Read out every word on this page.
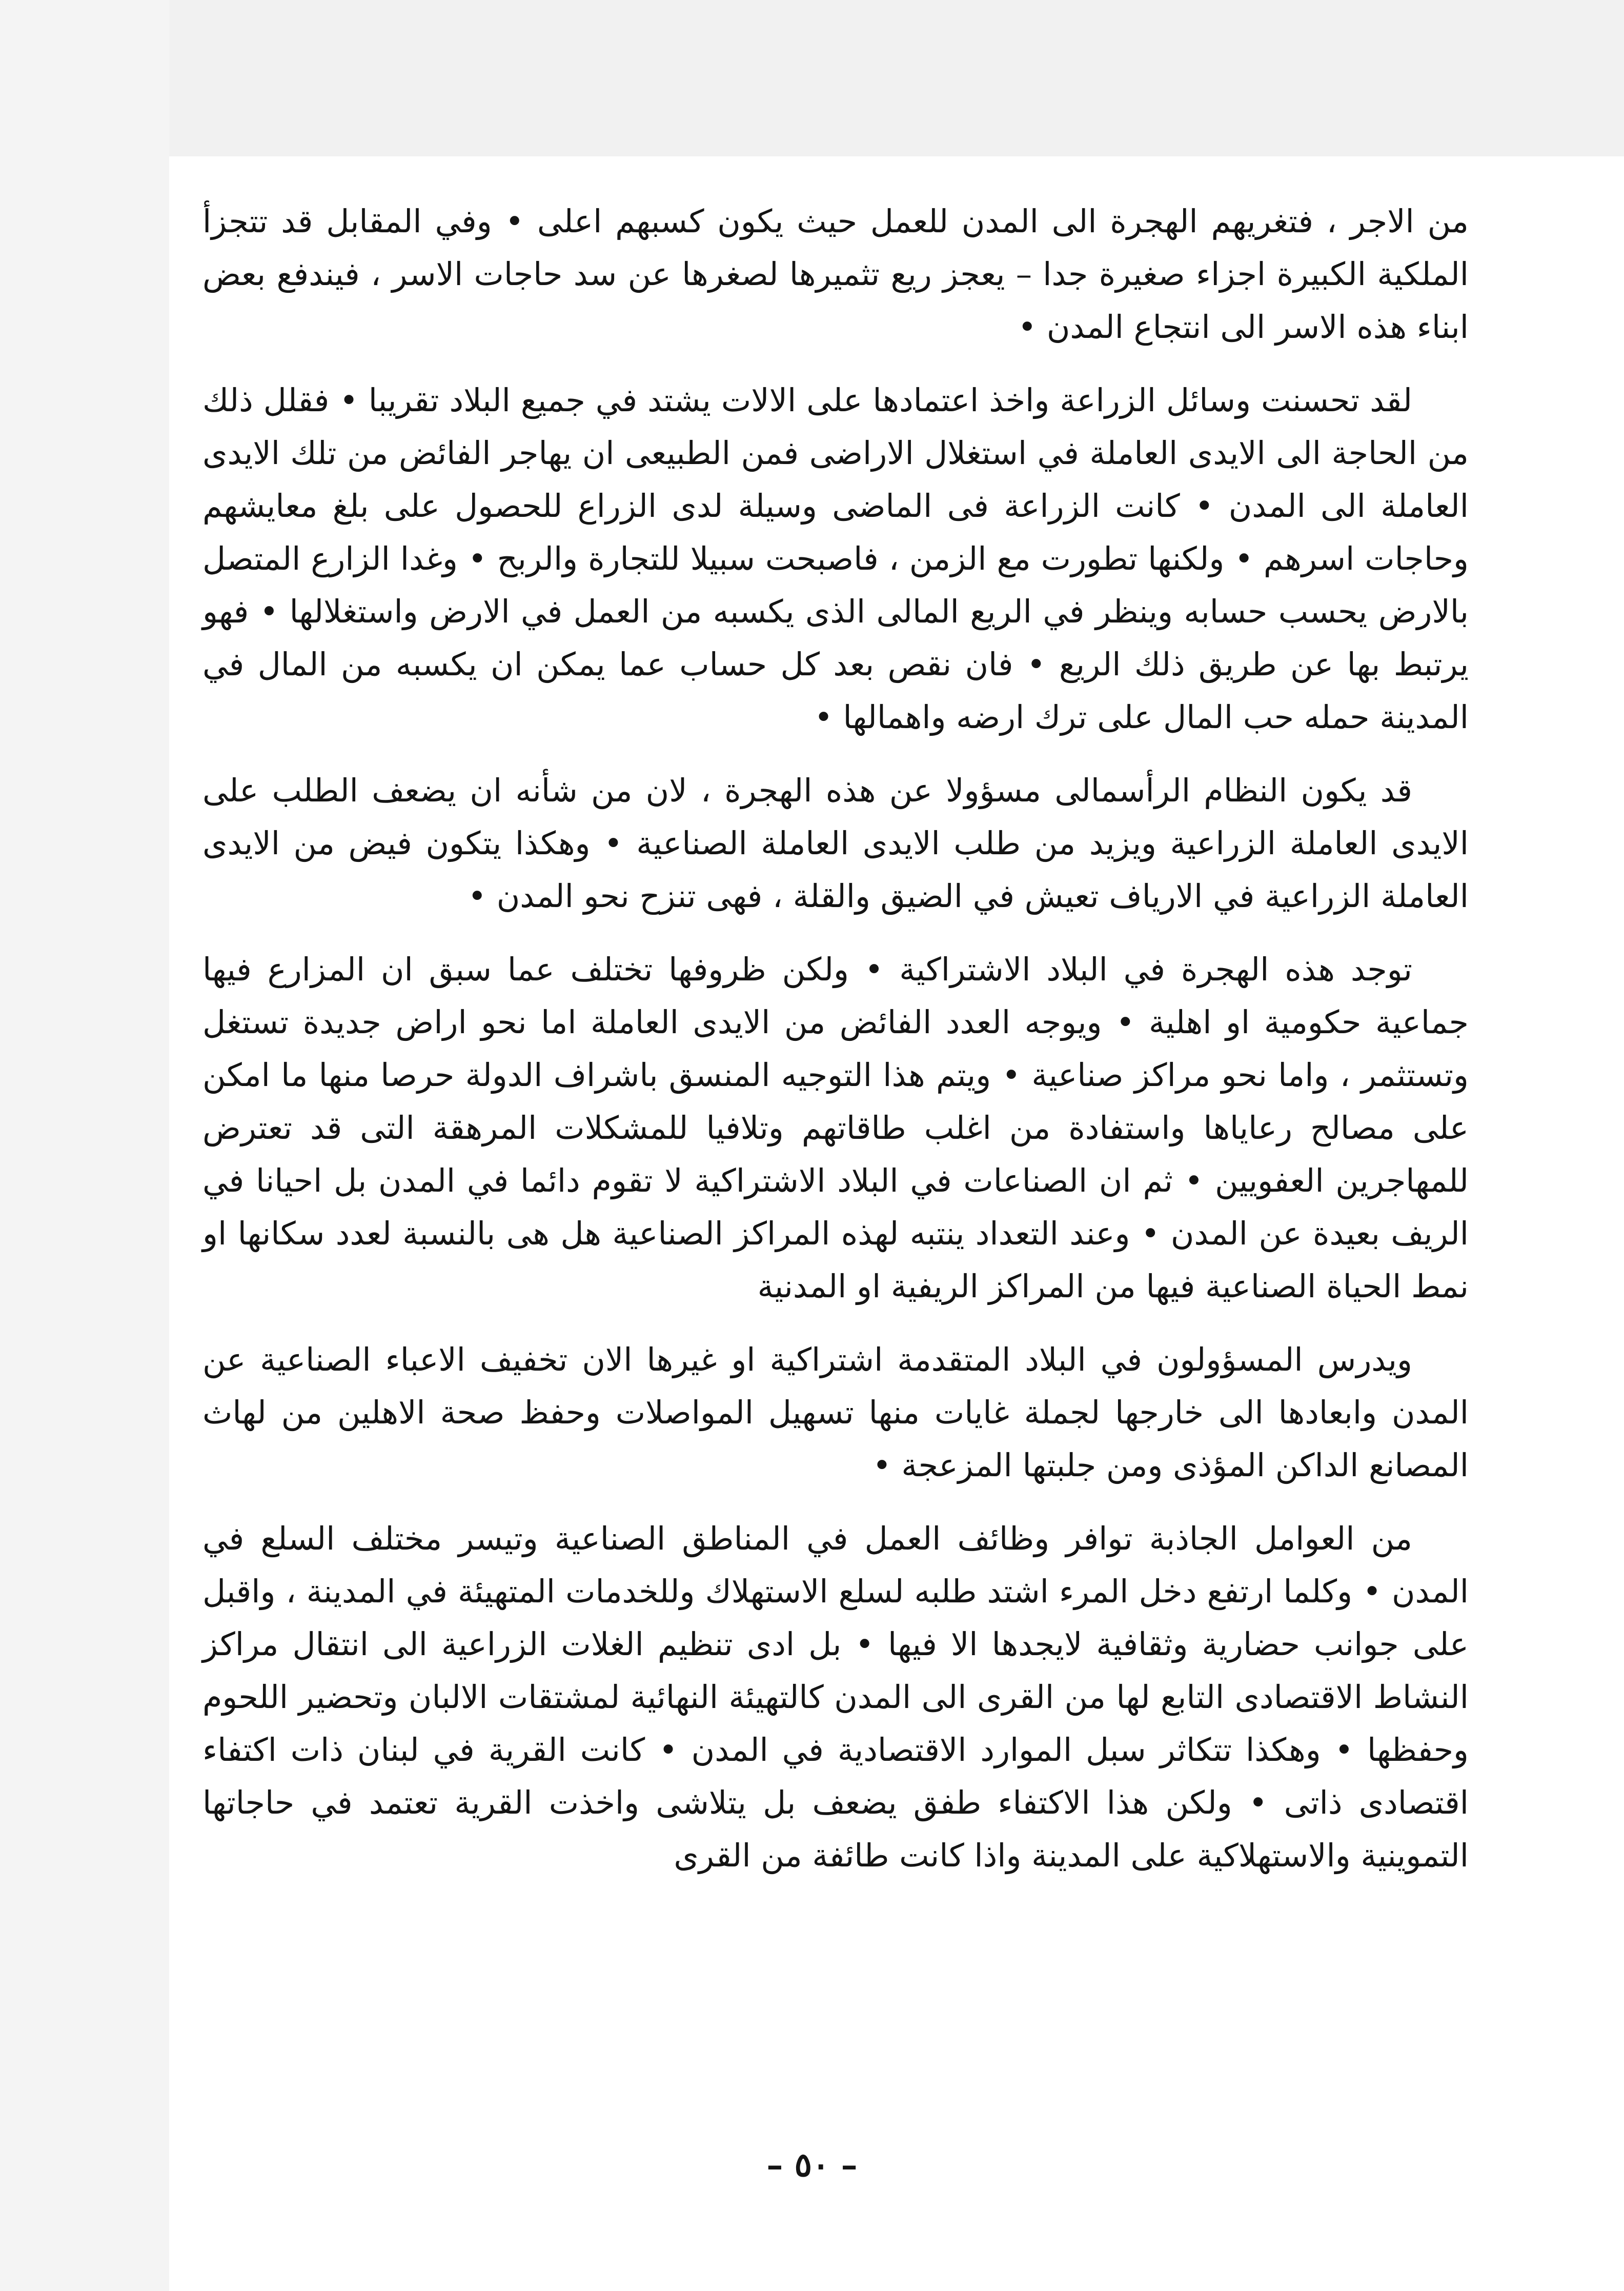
من الاجر ، فتغريهم الهجرة الى المدن للعمل حيث يكون كسبهم اعلى • وفي المقابل قد تتجزأ الملكية الكبيرة اجزاء صغيرة جدا – يعجز ريع تثميرها لصغرها عن سد حاجات الاسر ، فيندفع بعض ابناء هذه الاسر الى انتجاع المدن •

لقد تحسنت وسائل الزراعة واخذ اعتمادها على الالات يشتد في جميع البلاد تقريبا • فقلل ذلك من الحاجة الى الايدى العاملة في استغلال الاراضى فمن الطبيعى ان يهاجر الفائض من تلك الايدى العاملة الى المدن • كانت الزراعة فى الماضى وسيلة لدى الزراع للحصول على بلغ معايشهم وحاجات اسرهم • ولكنها تطورت مع الزمن ، فاصبحت سبيلا للتجارة والربح • وغدا الزارع المتصل بالارض يحسب حسابه وينظر في الريع المالى الذى يكسبه من العمل في الارض واستغلالها • فهو يرتبط بها عن طريق ذلك الريع • فان نقص بعد كل حساب عما يمكن ان يكسبه من المال في المدينة حمله حب المال على ترك ارضه واهمالها •

قد يكون النظام الرأسمالى مسؤولا عن هذه الهجرة ، لان من شأنه ان يضعف الطلب على الايدى العاملة الزراعية ويزيد من طلب الايدى العاملة الصناعية • وهكذا يتكون فيض من الايدى العاملة الزراعية في الارياف تعيش في الضيق والقلة ، فهى تنزح نحو المدن •

توجد هذه الهجرة في البلاد الاشتراكية • ولكن ظروفها تختلف عما سبق ان المزارع فيها جماعية حكومية او اهلية • ويوجه العدد الفائض من الايدى العاملة اما نحو اراض جديدة تستغل وتستثمر ، واما نحو مراكز صناعية • ويتم هذا التوجيه المنسق باشراف الدولة حرصا منها ما امكن على مصالح رعاياها واستفادة من اغلب طاقاتهم وتلافيا للمشكلات المرهقة التى قد تعترض للمهاجرين العفويين • ثم ان الصناعات في البلاد الاشتراكية لا تقوم دائما في المدن بل احيانا في الريف بعيدة عن المدن • وعند التعداد ينتبه لهذه المراكز الصناعية هل هى بالنسبة لعدد سكانها او نمط الحياة الصناعية فيها من المراكز الريفية او المدنية

ويدرس المسؤولون في البلاد المتقدمة اشتراكية او غيرها الان تخفيف الاعباء الصناعية عن المدن وابعادها الى خارجها لجملة غايات منها تسهيل المواصلات وحفظ صحة الاهلين من لهاث المصانع الداكن المؤذى ومن جلبتها المزعجة •

من العوامل الجاذبة توافر وظائف العمل في المناطق الصناعية وتيسر مختلف السلع في المدن • وكلما ارتفع دخل المرء اشتد طلبه لسلع الاستهلاك وللخدمات المتهيئة في المدينة ، واقبل على جوانب حضارية وثقافية لايجدها الا فيها • بل ادى تنظيم الغلات الزراعية الى انتقال مراكز النشاط الاقتصادى التابع لها من القرى الى المدن كالتهيئة النهائية لمشتقات الالبان وتحضير اللحوم وحفظها • وهكذا تتكاثر سبل الموارد الاقتصادية في المدن • كانت القرية في لبنان ذات اكتفاء اقتصادى ذاتى • ولكن هذا الاكتفاء طفق يضعف بل يتلاشى واخذت القرية تعتمد في حاجاتها التموينية والاستهلاكية على المدينة واذا كانت طائفة من القرى

– ٥٠ –
